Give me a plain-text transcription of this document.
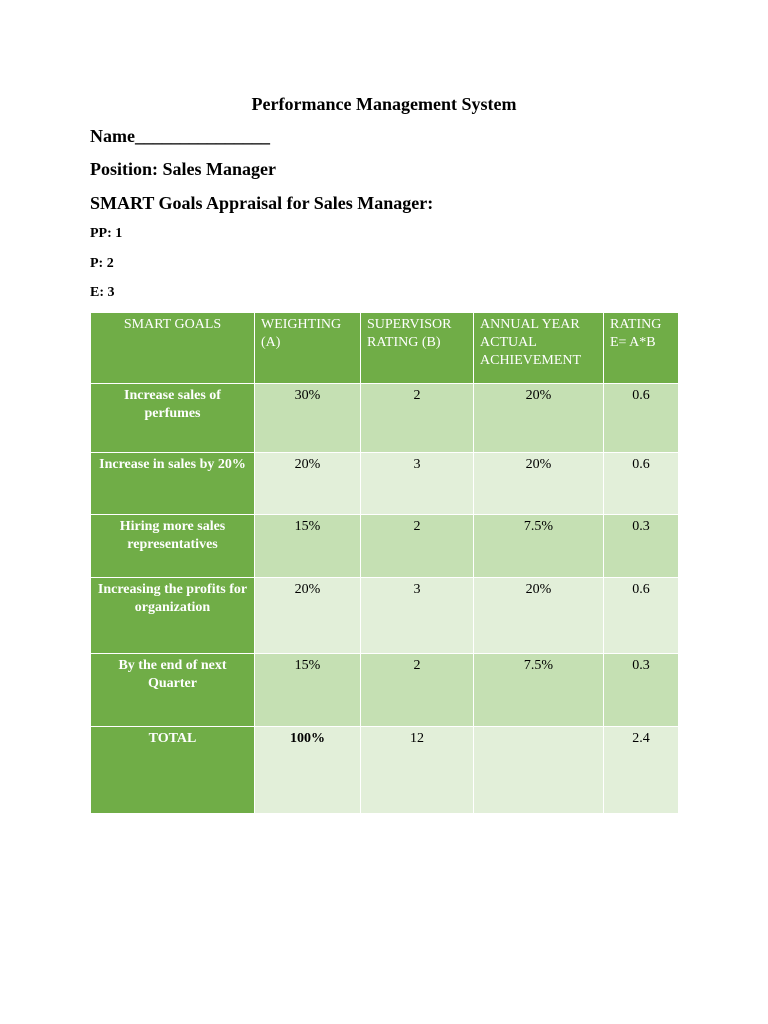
Performance Management System
Name_______________
Position: Sales Manager
SMART Goals Appraisal for Sales Manager:
PP: 1
P: 2
E: 3
SMART GOALS	WEIGHTING (A)	SUPERVISOR RATING (B)	ANNUAL YEAR ACTUAL ACHIEVEMENT	RATING E= A*B
Increase sales of perfumes	30%	2	20%	0.6
Increase in sales by 20%	20%	3	20%	0.6
Hiring more sales representatives	15%	2	7.5%	0.3
Increasing the profits for organization	20%	3	20%	0.6
By the end of next Quarter	15%	2	7.5%	0.3
TOTAL	100%	12		2.4
